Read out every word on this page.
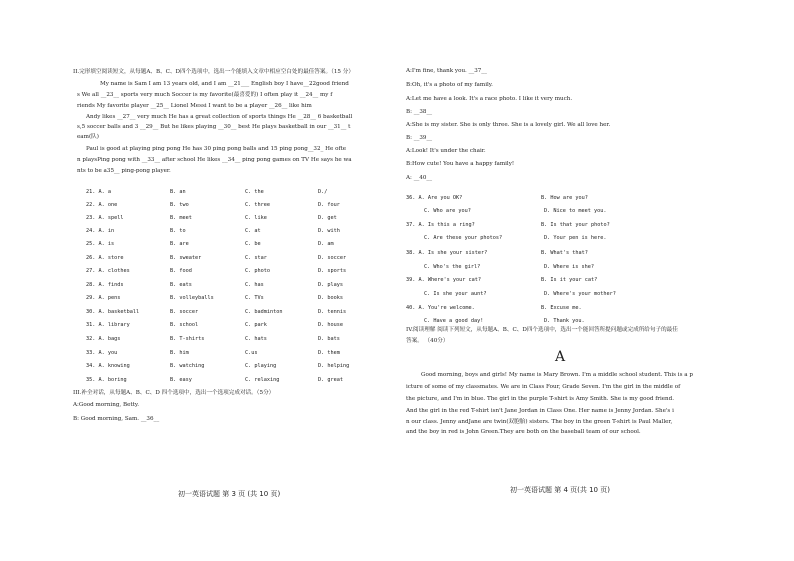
II.完形填空阅读短文，从每题A、B、C、D四个选项中，选出一个能填入文章中相应空白处的最佳答案。（15 分）
My name is Sam I am 13 years old, and I am __21___ English boy I have__22good friend
s We all __23__ sports very much Soccer is my favorite(最喜爱的) I often play it __24__ my f
riends My favorite player __25__ Lionel Messi I want to be a player __26__ like him
Andy likes __27__ very much He has a great collection of sports things He __28__ 6 basketball
s,5 soccer balls and 3 __29__ But he likes playing __30__ best He plays basketball in our __31__ t
eam(队)
Paul is good at playing ping pong He has 30 ping pong balls and 15 ping pong__32_ He ofte
n playsPing pong with __33__ after school He likes __34__ ping pong games on TV He says he wa
nts to be a35__ ping-pong player.
21. A. a	B. an	C. the	D./
22. A. one	B. two	C. three	D. four
23. A. spell	B. meet	C. like	D. get
24. A. in	B. to	C. at	D. with
25. A. is	B. are	C. be	D. am
26. A. store	B. sweater	C. star	D. soccer
27. A. clothes	B. food	C. photo	D. sports
28. A. finds	B. eats	C. has	D. plays
29. A. pens	B. volleyballs	C. TVs	D. books
30. A. basketball	B. soccer	C. badminton	D. tennis
31. A. library	B. school	C. park	D. house
32. A. bags	B. T-shirts	C. hats	D. bats
33. A. you	B. him	C.us	D. them
34. A. knowing	B. watching	C. playing	D. helping
35. A. boring	B. easy	C. relaxing	D. great
III.补全对话，从每题A、B、C、D 四个选项中，选出一个选项完成对话。（5分）
A:Good morning, Betty.
B: Good morning, Sam. __36__
初一英语试题 第 3 页 (共 10 页)
A:I'm fine, thank you. __37__
B:Oh, it's a photo of my family.
A:Let me have a look. It's a race photo. I like it very much.
B: __38__
A:She is my sister. She is only three. She is a lovely girl. We all love her.
B: __39__
A:Look! It's under the chair.
B:How cute! You have a happy family!
A: __40__
36. A. Are you OK?	B. How are you?
C. Who are you?	D. Nice to meet you.
37. A. Is this a ring?	B. Is that your photo?
C. Are these your photos?	D. Your pen is here.
38. A. Is she your sister?	B. What's that?
C. Who's the girl?	D. Where is she?
39. A. Where's your cat?	B. Is it your cat?
C. Is she your aunt?	D. Where's your mother?
40. A. You're welcome.	B. Excuse me.
C. Have a good day!	D. Thank you.
IV.阅读理解 阅读下列短文，从每题A、B、C、D四个选项中，选出一个能回答所提问题或完成所给句子的最佳
答案。 （40分）
A
Good morning, boys and girls! My name is Mary Brown. I'm a middle school student. This is a p
icture of some of my classmates. We are in Class Four, Grade Seven. I'm the girl in the middle of
the picture, and I'm in blue. The girl in the purple T-shirt is Amy Smith. She is my good friend.
And the girl in the red T-shirt isn't Jane Jordan in Class One. Her name is Jenny Jordan. She's i
n our class. Jenny andJane are twin(双胞胎) sisters. The boy in the green T-shirt is Paul Maller,
and the boy in red is John Green.They are both on the baseball team of our school.
初一英语试题 第 4 页(共 10 页)
